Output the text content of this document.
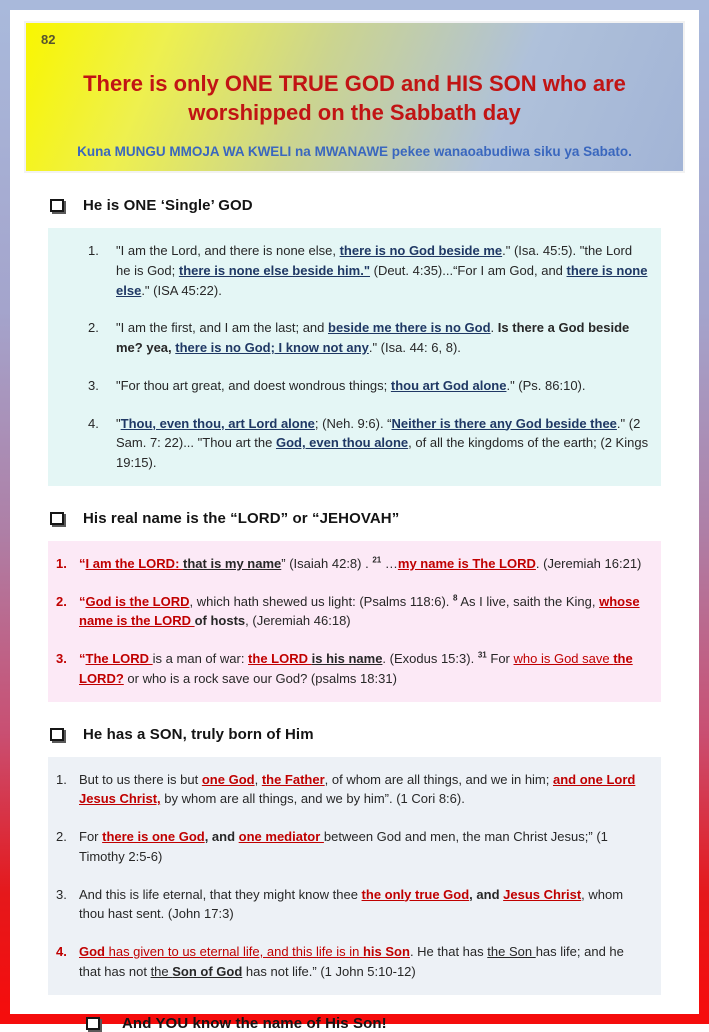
82
There is only ONE TRUE GOD and HIS SON who are worshipped on the Sabbath day
Kuna MUNGU MMOJA WA KWELI na MWANAWE pekee wanaoabudiwa siku ya Sabato.
He is ONE ‘Single’ GOD
1.	"I am the Lord, and there is none else, there is no God beside me." (Isa. 45:5). "the Lord he is God; there is none else beside him." (Deut. 4:35)...“For I am God, and there is none else." (ISA 45:22).
2.	"I am the first, and I am the last; and beside me there is no God. Is there a God beside me? yea, there is no God; I know not any." (Isa. 44: 6, 8).
3.	"For thou art great, and doest wondrous things; thou art God alone." (Ps. 86:10).
4.	"Thou, even thou, art Lord alone; (Neh. 9:6). “Neither is there any God beside thee." (2 Sam. 7: 22)... "Thou art the God, even thou alone, of all the kingdoms of the earth; (2 Kings 19:15).
His real name is the “LORD” or “JEHOVAH”
1. “I am the LORD: that is my name” (Isaiah 42:8) . $^{21}$ …my name is The LORD. (Jeremiah 16:21)
2. “God is the LORD, which hath shewed us light: (Psalms 118:6). $^8$ As I live, saith the King, whose name is the LORD of hosts, (Jeremiah 46:18)
3. “The LORD is a man of war: the LORD is his name. (Exodus 15:3). $^{31}$ For who is God save the LORD? or who is a rock save our God? (psalms 18:31)
He has a SON, truly born of Him
1. But to us there is but one God, the Father, of whom are all things, and we in him; and one Lord Jesus Christ, by whom are all things, and we by him”. (1 Cori 8:6).
2. For there is one God, and one mediator between God and men, the man Christ Jesus;” (1 Timothy 2:5-6)
3. And this is life eternal, that they might know thee the only true God, and Jesus Christ, whom thou hast sent. (John 17:3)
4. God has given to us eternal life, and this life is in his Son. He that has the Son has life; and he that has not the Son of God has not life.” (1 John 5:10-12)
And YOU know the name of His Son!
